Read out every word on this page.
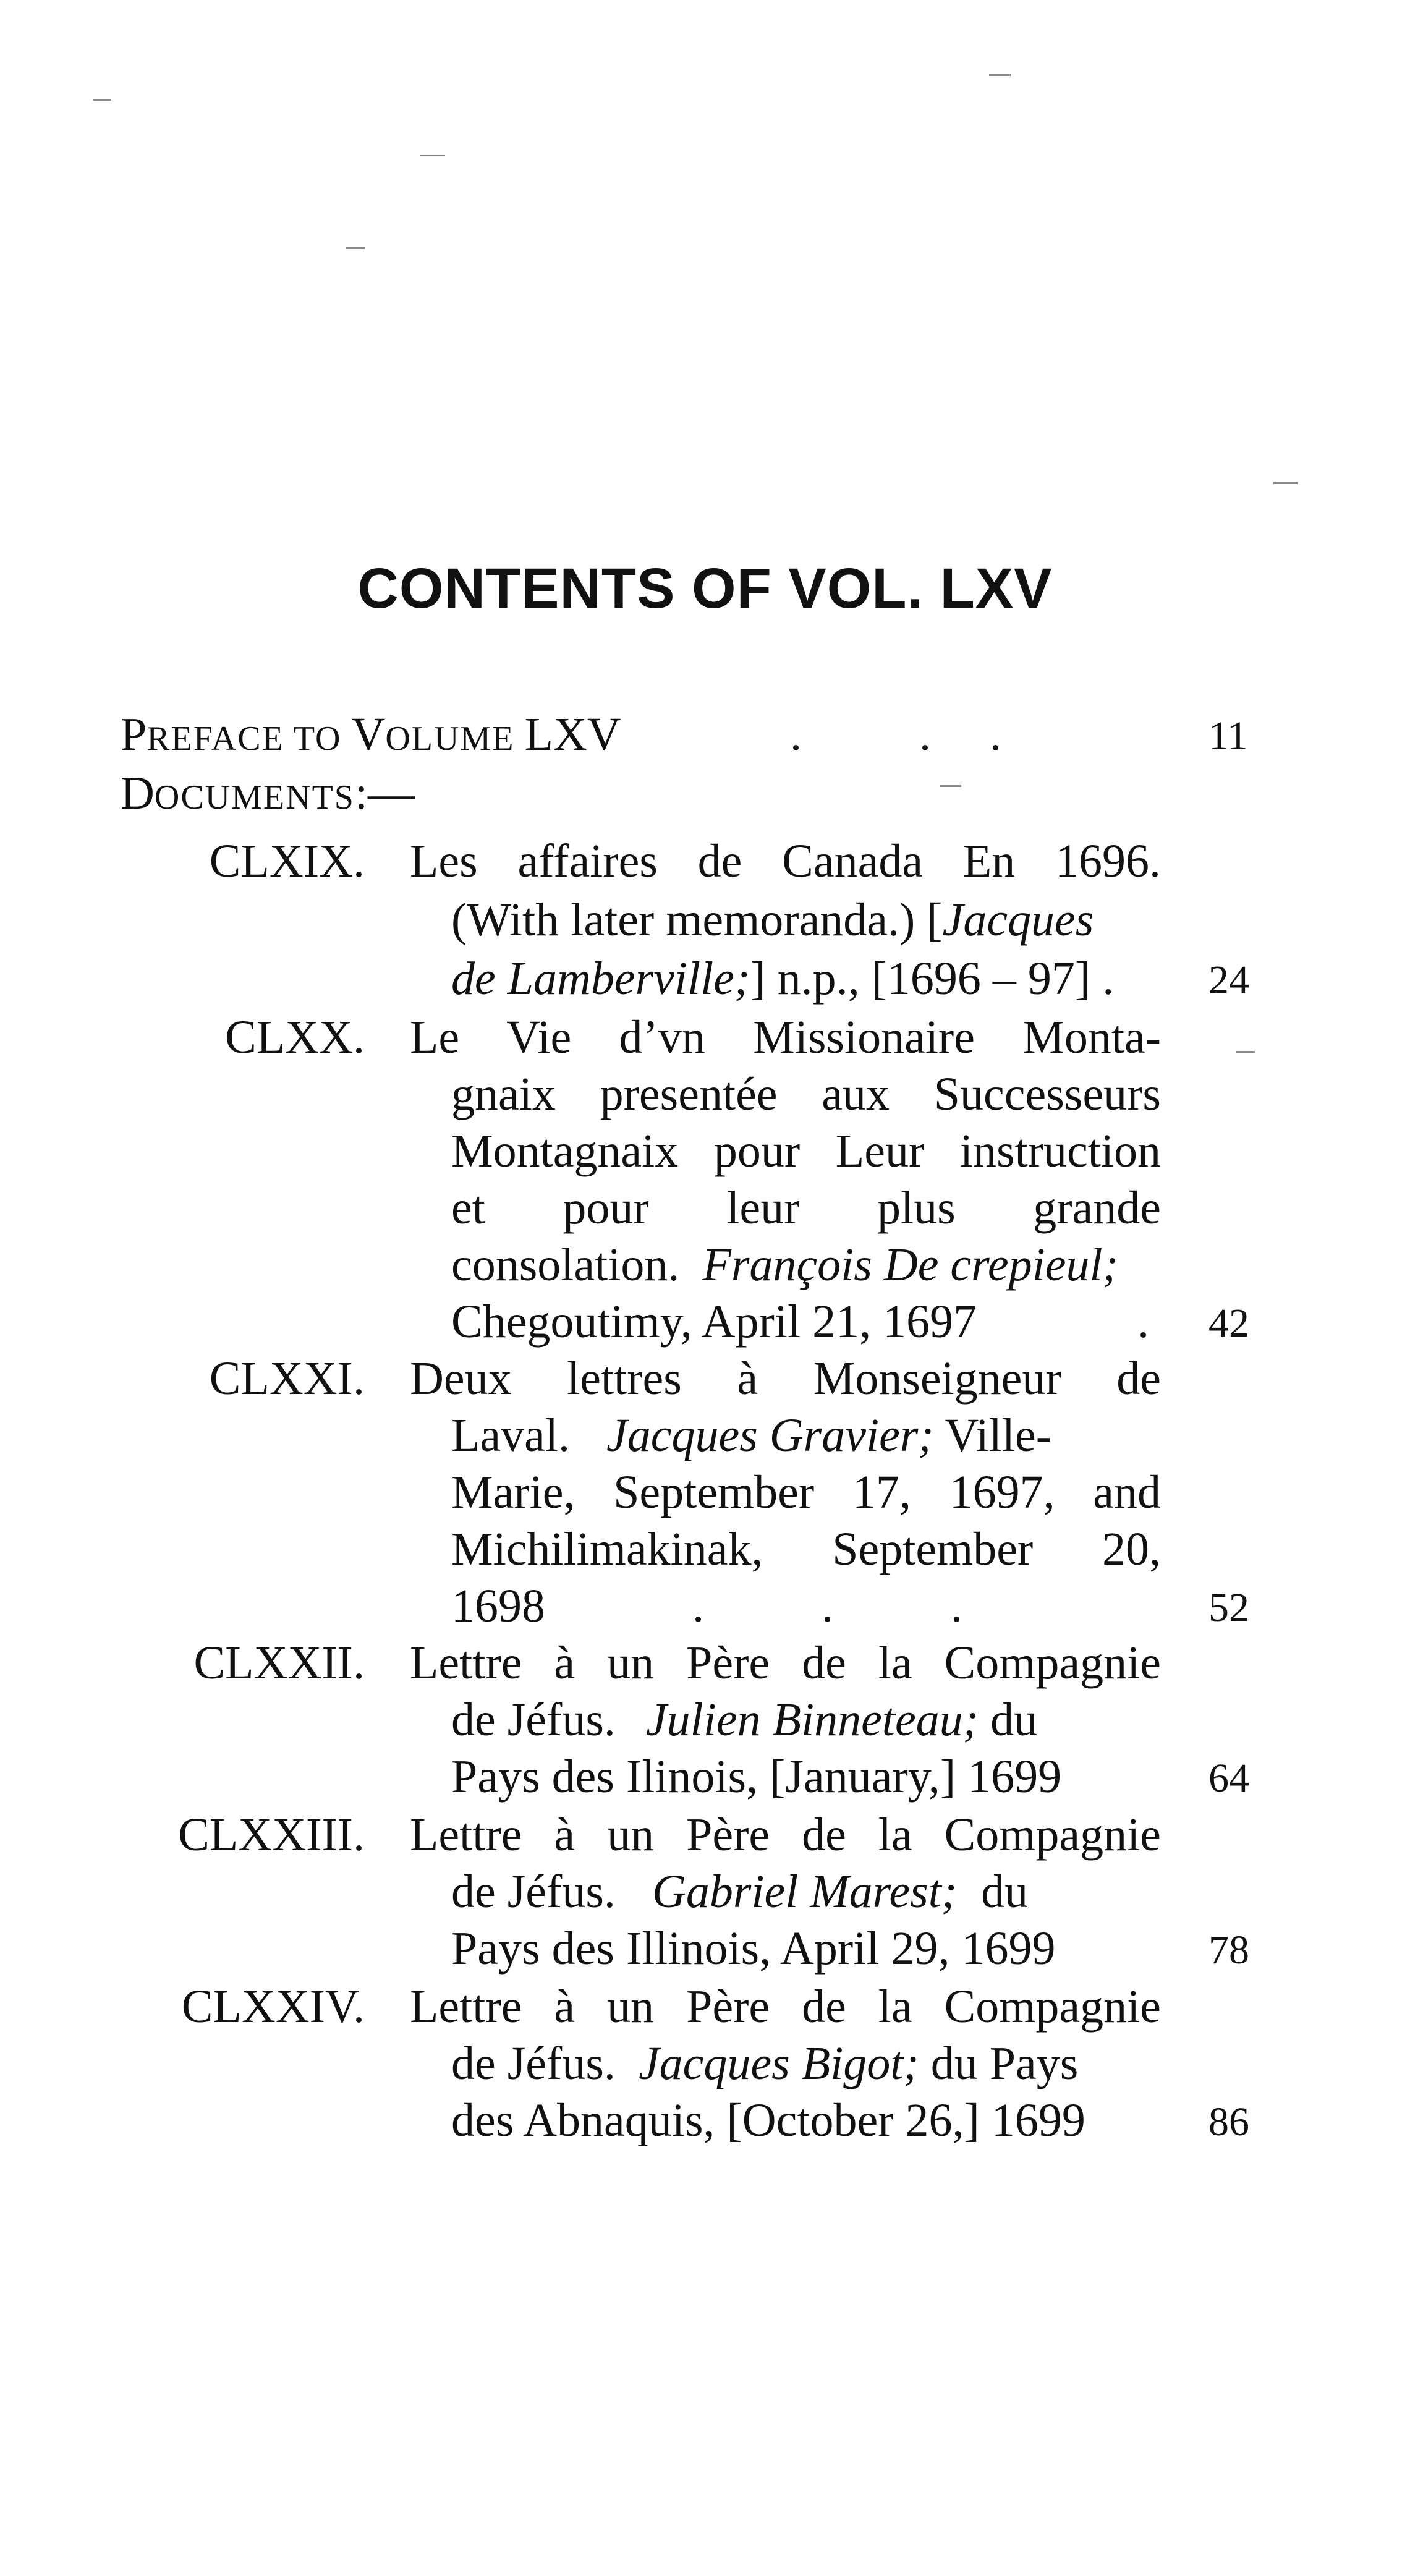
CONTENTS OF VOL. LXV
PREFACE TO VOLUME LXV	.          .     .	11
DOCUMENTS:—
CLXIX. Les affaires de Canada En 1696.
(With later memoranda.) [Jacques
de Lamberville;] n.p., [1696 – 97] . 24
CLXX. Le Vie d’vn Missionaire Monta-
gnaix presentée aux Successeurs
Montagnaix pour Leur instruction
et pour leur plus grande
consolation. François De crepieul;
Chegoutimy, April 21, 1697	. 42
CLXXI. Deux lettres à Monseigneur de
Laval. Jacques Gravier; Ville-
Marie, September 17, 1697, and
Michilimakinak, September 20,
1698	.          .          .	52
CLXXII. Lettre à un Père de la Compagnie
de Jéfus. Julien Binneteau; du
Pays des Ilinois, [January,] 1699	64
CLXXIII. Lettre à un Père de la Compagnie
de Jéfus. Gabriel Marest; du
Pays des Illinois, April 29, 1699	78
CLXXIV. Lettre à un Père de la Compagnie
de Jéfus. Jacques Bigot; du Pays
des Abnaquis, [October 26,] 1699	86
